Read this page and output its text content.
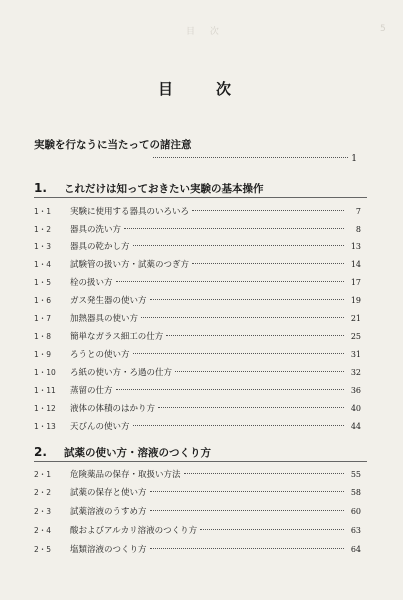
5
目 次
目　次
実験を行なうに当たっての諸注意
1
1.	これだけは知っておきたい実験の基本操作
1・1	実験に使用する器具のいろいろ	7
1・2	器具の洗い方	8
1・3	器具の乾かし方	13
1・4	試験管の扱い方・試薬のつぎ方	14
1・5	栓の扱い方	17
1・6	ガス発生器の使い方	19
1・7	加熱器具の使い方	21
1・8	簡単なガラス細工の仕方	25
1・9	ろうとの使い方	31
1・10	ろ紙の使い方・ろ過の仕方	32
1・11	蒸留の仕方	36
1・12	液体の体積のはかり方	40
1・13	天びんの使い方	44
2.	試薬の使い方・溶液のつくり方
2・1	危険薬品の保存・取扱い方法	55
2・2	試薬の保存と使い方	58
2・3	試薬溶液のうすめ方	60
2・4	酸およびアルカリ溶液のつくり方	63
2・5	塩類溶液のつくり方	64
